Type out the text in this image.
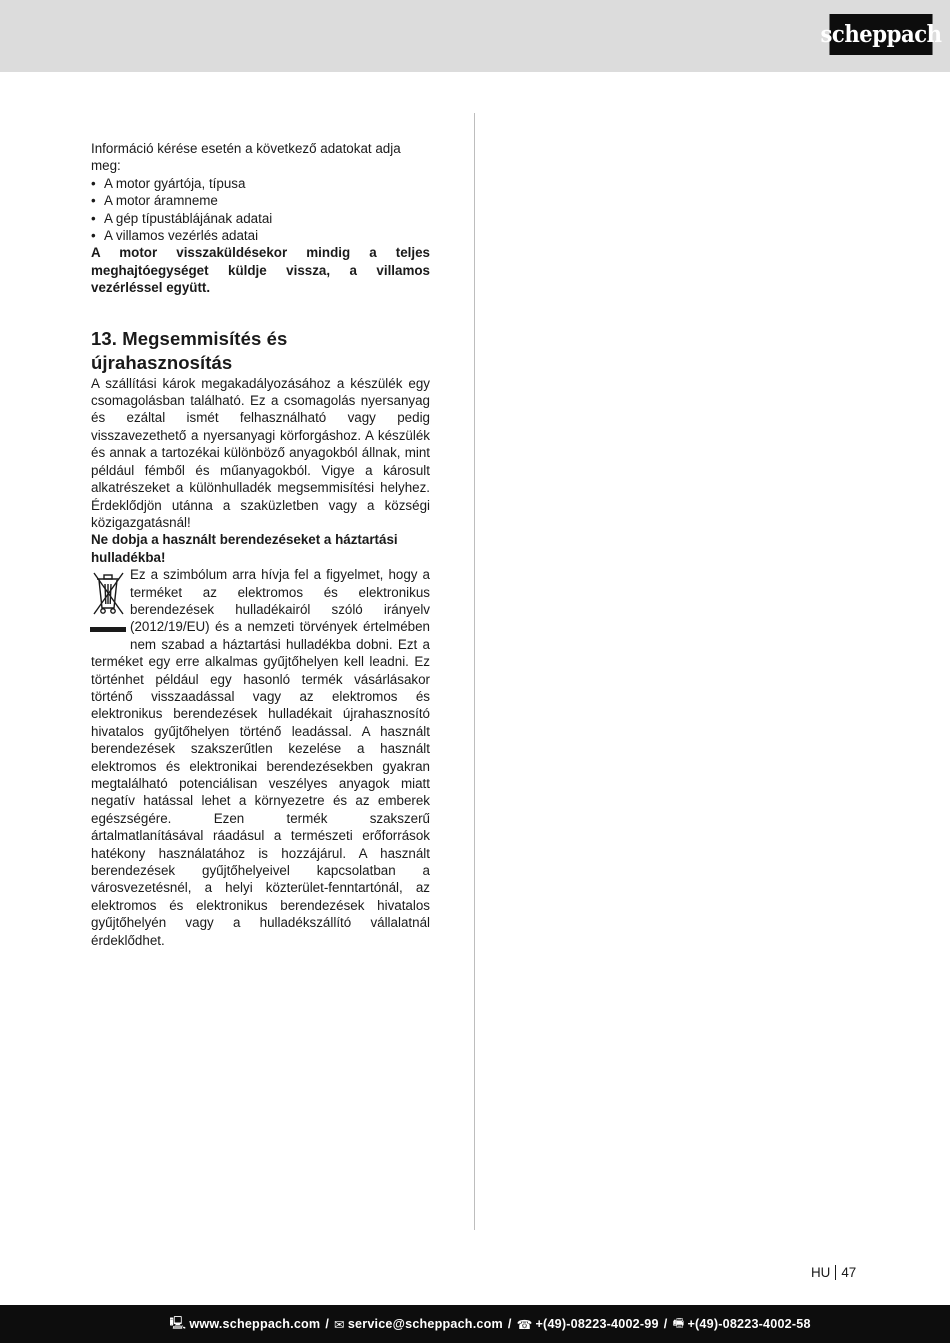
scheppach

Információ kérése esetén a következő adatokat adja meg:

• A motor gyártója, típusa
• A motor áramneme
• A gép típustáblájának adatai
• A villamos vezérlés adatai

A motor visszaküldésekor mindig a teljes meghajtóegységet küldje vissza, a villamos vezérléssel együtt.

13. Megsemmisítés és újrahasznosítás

A szállítási károk megakadályozásához a készülék egy csomagolásban található. Ez a csomagolás nyersanyag és ezáltal ismét felhasználható vagy pedig visszavezethető a nyersanyagi körforgáshoz. A készülék és annak a tartozékai különböző anyagokból állnak, mint például fémből és műanyagokból. Vigye a károsult alkatrészeket a különhulladék megsemmisítési helyhez. Érdeklődjön utánna a szaküzletben vagy a községi közigazgatásnál!

Ne dobja a használt berendezéseket a háztartási hulladékba!

Ez a szimbólum arra hívja fel a figyelmet, hogy a terméket az elektromos és elektronikus berendezések hulladékairól szóló irányelv (2012/19/EU) és a nemzeti törvények értelmében nem szabad a háztartási hulladékba dobni. Ezt a terméket egy erre alkalmas gyűjtőhelyen kell leadni. Ez történhet például egy hasonló termék vásárlásakor történő visszaadással vagy az elektromos és elektronikus berendezések hulladékait újrahasznosító hivatalos gyűjtőhelyen történő leadással. A használt berendezések szakszerűtlen kezelése a használt elektromos és elektronikai berendezésekben gyakran megtalálható potenciálisan veszélyes anyagok miatt negatív hatással lehet a környezetre és az emberek egészségére. Ezen termék szakszerű ártalmatlanításával ráadásul a természeti erőforrások hatékony használatához is hozzájárul. A használt berendezések gyűjtőhelyeivel kapcsolatban a városvezetésnél, a helyi közterület-fenntartónál, az elektromos és elektronikus berendezések hivatalos gyűjtőhelyén vagy a hulladékszállító vállalatnál érdeklődhet.

HU 47
🖳 www.scheppach.com / ✉ service@scheppach.com / ☎ +(49)-08223-4002-99 / 🖷 +(49)-08223-4002-58
